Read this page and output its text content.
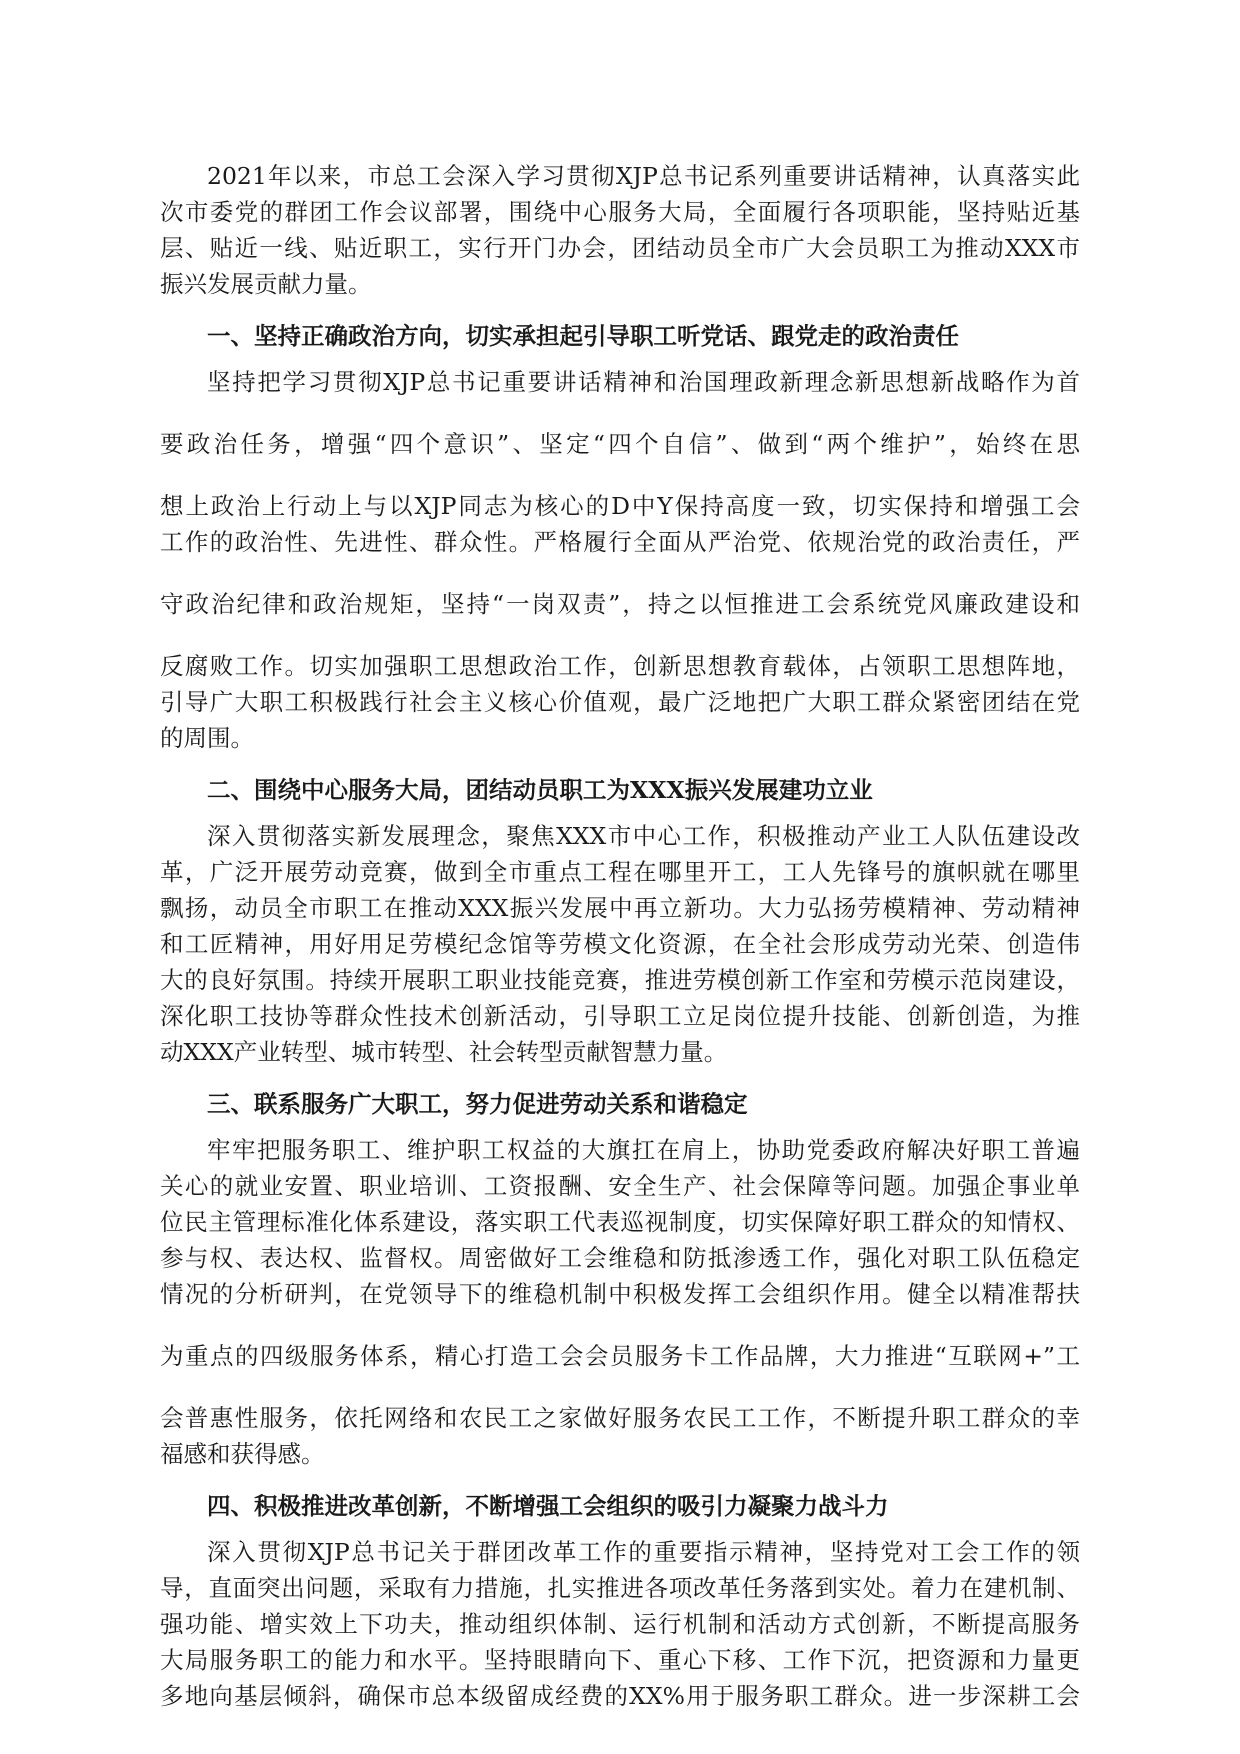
2021年以来，市总工会深入学习贯彻XJP总书记系列重要讲话精神，认真落实此
次市委党的群团工作会议部署，围绕中心服务大局，全面履行各项职能，坚持贴近基
层、贴近一线、贴近职工，实行开门办会，团结动员全市广大会员职工为推动XXX市
振兴发展贡献力量。
一、坚持正确政治方向，切实承担起引导职工听党话、跟党走的政治责任
坚持把学习贯彻XJP总书记重要讲话精神和治国理政新理念新思想新战略作为首
要政治任务，增强“四个意识”、坚定“四个自信”、做到“两个维护”，始终在思
想上政治上行动上与以XJP同志为核心的D中Y保持高度一致，切实保持和增强工会
工作的政治性、先进性、群众性。严格履行全面从严治党、依规治党的政治责任，严
守政治纪律和政治规矩，坚持“一岗双责”，持之以恒推进工会系统党风廉政建设和
反腐败工作。切实加强职工思想政治工作，创新思想教育载体，占领职工思想阵地，
引导广大职工积极践行社会主义核心价值观，最广泛地把广大职工群众紧密团结在党
的周围。
二、围绕中心服务大局，团结动员职工为XXX振兴发展建功立业
深入贯彻落实新发展理念，聚焦XXX市中心工作，积极推动产业工人队伍建设改
革，广泛开展劳动竞赛，做到全市重点工程在哪里开工，工人先锋号的旗帜就在哪里
飘扬，动员全市职工在推动XXX振兴发展中再立新功。大力弘扬劳模精神、劳动精神
和工匠精神，用好用足劳模纪念馆等劳模文化资源，在全社会形成劳动光荣、创造伟
大的良好氛围。持续开展职工职业技能竞赛，推进劳模创新工作室和劳模示范岗建设，
深化职工技协等群众性技术创新活动，引导职工立足岗位提升技能、创新创造，为推
动XXX产业转型、城市转型、社会转型贡献智慧力量。
三、联系服务广大职工，努力促进劳动关系和谐稳定
牢牢把服务职工、维护职工权益的大旗扛在肩上，协助党委政府解决好职工普遍
关心的就业安置、职业培训、工资报酬、安全生产、社会保障等问题。加强企事业单
位民主管理标准化体系建设，落实职工代表巡视制度，切实保障好职工群众的知情权、
参与权、表达权、监督权。周密做好工会维稳和防抵渗透工作，强化对职工队伍稳定
情况的分析研判，在党领导下的维稳机制中积极发挥工会组织作用。健全以精准帮扶
为重点的四级服务体系，精心打造工会会员服务卡工作品牌，大力推进“互联网+”工
会普惠性服务，依托网络和农民工之家做好服务农民工工作，不断提升职工群众的幸
福感和获得感。
四、积极推进改革创新，不断增强工会组织的吸引力凝聚力战斗力
深入贯彻XJP总书记关于群团改革工作的重要指示精神，坚持党对工会工作的领
导，直面突出问题，采取有力措施，扎实推进各项改革任务落到实处。着力在建机制、
强功能、增实效上下功夫，推动组织体制、运行机制和活动方式创新，不断提高服务
大局服务职工的能力和水平。坚持眼睛向下、重心下移、工作下沉，把资源和力量更
多地向基层倾斜，确保市总本级留成经费的XX%用于服务职工群众。进一步深耕工会
